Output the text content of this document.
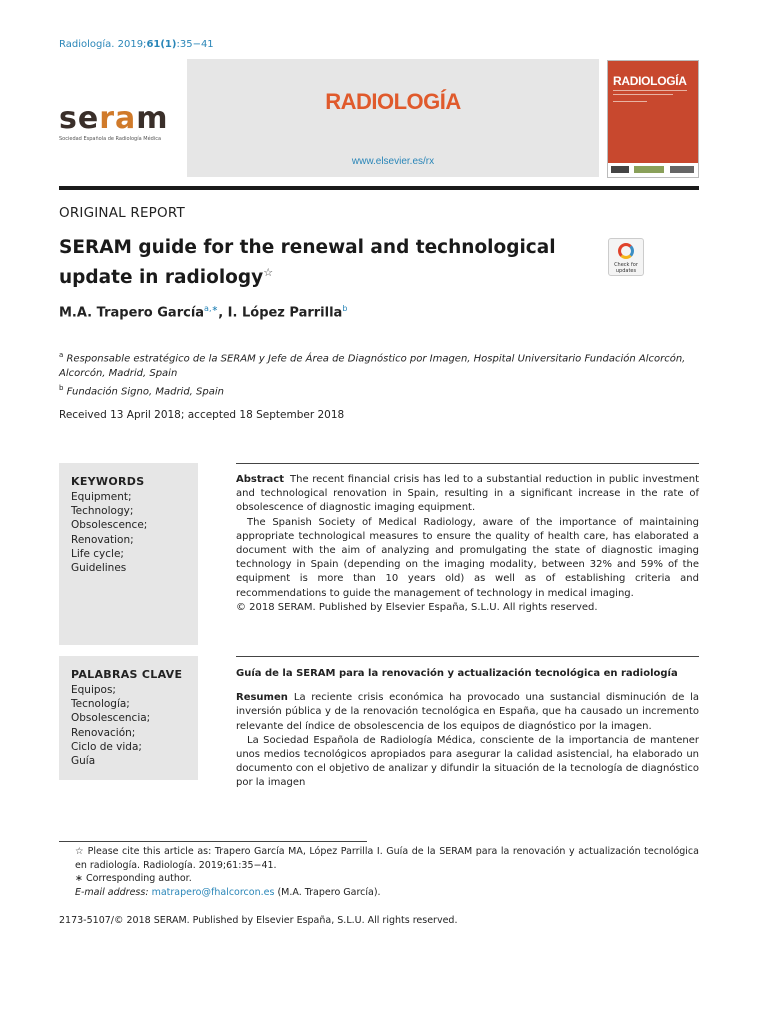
Radiología. 2019;61(1):35−41
seram
Sociedad Española de Radiología Médica
RADIOLOGÍA
www.elsevier.es/rx
RADIOLOGÍA
ORIGINAL REPORT
SERAM guide for the renewal and technological update in radiology☆
Check for updates
M.A. Trapero García$^{a,∗}$, I. López Parrilla$^b$
$^a$ Responsable estratégico de la SERAM y Jefe de Área de Diagnóstico por Imagen, Hospital Universitario Fundación Alcorcón, Alcorcón, Madrid, Spain
$^b$ Fundación Signo, Madrid, Spain
Received 13 April 2018; accepted 18 September 2018
KEYWORDS
Equipment;
Technology;
Obsolescence;
Renovation;
Life cycle;
Guidelines

Abstract The recent financial crisis has led to a substantial reduction in public investment and technological renovation in Spain, resulting in a significant increase in the rate of obsolescence of diagnostic imaging equipment.

The Spanish Society of Medical Radiology, aware of the importance of maintaining appropriate technological measures to ensure the quality of health care, has elaborated a document with the aim of analyzing and promulgating the state of diagnostic imaging technology in Spain (depending on the imaging modality, between 32% and 59% of the equipment is more than 10 years old) as well as of establishing criteria and recommendations to guide the management of technology in medical imaging.

© 2018 SERAM. Published by Elsevier España, S.L.U. All rights reserved.

PALABRAS CLAVE
Equipos;
Tecnología;
Obsolescencia;
Renovación;
Ciclo de vida;
Guía
Guía de la SERAM para la renovación y actualización tecnológica en radiología

Resumen La reciente crisis económica ha provocado una sustancial disminución de la inversión pública y de la renovación tecnológica en España, que ha causado un incremento relevante del índice de obsolescencia de los equipos de diagnóstico por la imagen.

La Sociedad Española de Radiología Médica, consciente de la importancia de mantener unos medios tecnológicos apropiados para asegurar la calidad asistencial, ha elaborado un documento con el objetivo de analizar y difundir la situación de la tecnología de diagnóstico por la imagen

☆ Please cite this article as: Trapero García MA, López Parrilla I. Guía de la SERAM para la renovación y actualización tecnológica en radiología. Radiología. 2019;61:35−41.
∗ Corresponding author.
E-mail address: matrapero@fhalcorcon.es (M.A. Trapero García).
2173-5107/© 2018 SERAM. Published by Elsevier España, S.L.U. All rights reserved.
